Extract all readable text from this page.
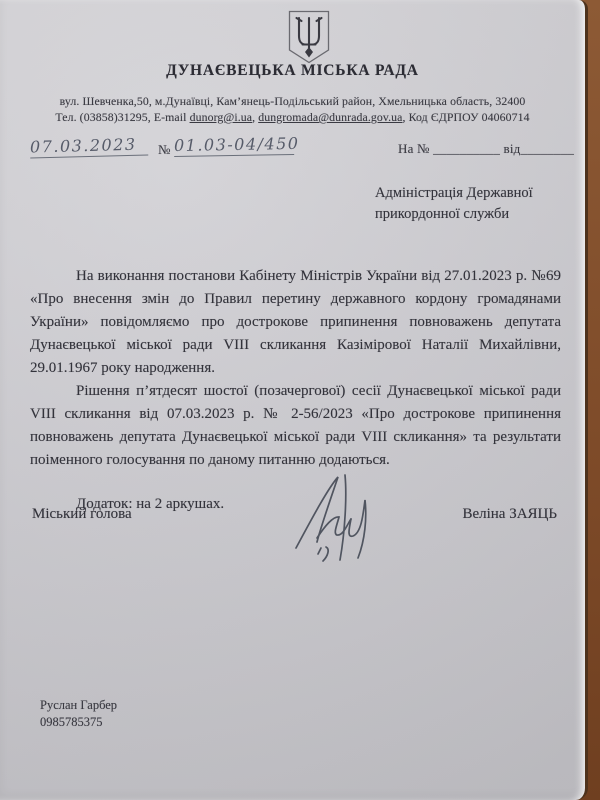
ДУНАЄВЕЦЬКА МІСЬКА РАДА
вул. Шевченка,50, м.Дунаївці, Кам’янець-Подільський район, Хмельницька область, 32400
Тел. (03858)31295, E-mail dunorg@i.ua, dungromada@dunrada.gov.ua, Код ЄДРПОУ 04060714
07.03.2023	№ 01.03-04/450	На № __________ від________
Адміністрація Державної
прикордонної служби

На виконання постанови Кабінету Міністрів України від 27.01.2023 р. №69 «Про внесення змін до Правил перетину державного кордону громадянами України» повідомляємо про дострокове припинення повноважень депутата Дунаєвецької міської ради VIII скликання Казімірової Наталії Михайлівни, 29.01.1967 року народження.

Рішення п’ятдесят шостої (позачергової) сесії Дунаєвецької міської ради VIII скликання від 07.03.2023 р. № 2-56/2023 «Про дострокове припинення повноважень депутата Дунаєвецької міської ради VIII скликання» та результати поіменного голосування по даному питанню додаються.

Додаток: на 2 аркушах.

Міський голова	Веліна ЗАЯЦЬ
Руслан Гарбер
0985785375
